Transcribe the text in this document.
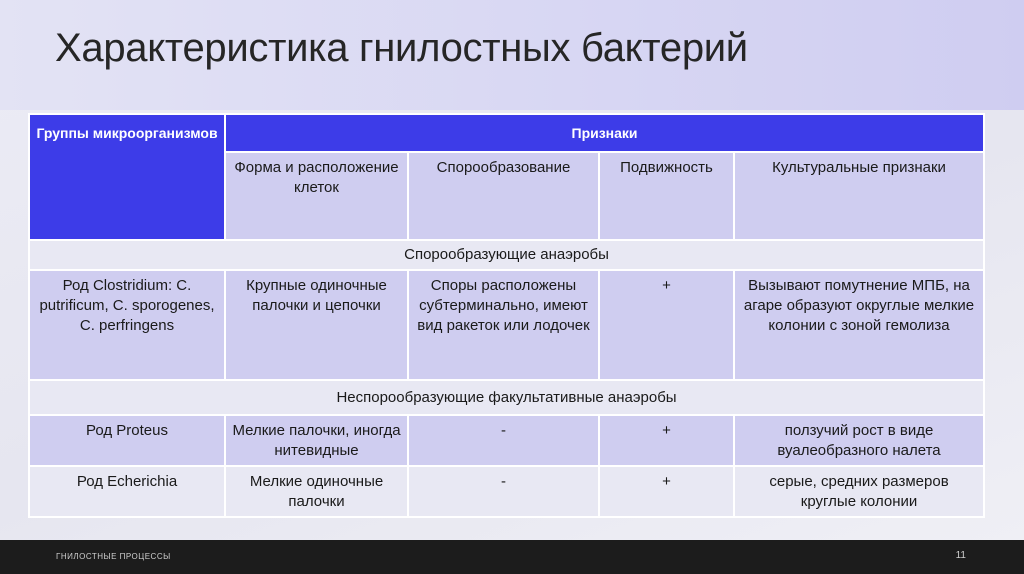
Характеристика гнилостных бактерий
Группы микроорганизмов	Признаки			
	Форма и расположение клеток	Спорообразование	Подвижность	Культуральные признаки
Спорообразующие анаэробы				
Род Clostridium: C. putrificum, C. sporogenes, C. perfringens	Крупные одиночные палочки и цепочки	Споры расположены субтерминально, имеют вид ракеток или лодочек	+	Вызывают помутнение МПБ, на агаре образуют округлые мелкие колонии с зоной гемолиза
Неспорообразующие факультативные анаэробы				
Род Proteus	Мелкие палочки, иногда нитевидные	-	+	ползучий рост в виде вуалеобразного налета
Род Echerichia	Мелкие одиночные палочки	-	+	серые, средних размеров круглые колонии
ГНИЛОСТНЫЕ ПРОЦЕССЫ	11
